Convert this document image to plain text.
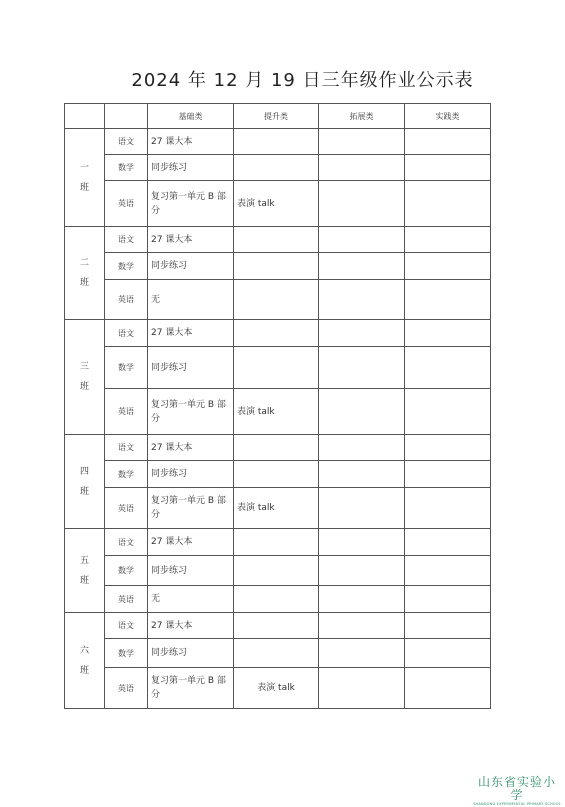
2024 年 12 月 19 日三年级作业公示表
		基础类	提升类	拓展类	实践类

一
班	语文	27 课大本			
	数学	同步练习			
	英语	复习第一单元 B 部分	表演 talk		

二
班	语文	27 课大本			
	数学	同步练习			
	英语	无			

三
班	语文	27 课大本			
	数学	同步练习			
	英语	复习第一单元 B 部分	表演 talk		

四
班	语文	27 课大本			
	数学	同步练习			
	英语	复习第一单元 B 部分	表演 talk		

五
班	语文	27 课大本			
	数学	同步练习			
	英语	无			

六
班	语文	27 课大本			
	数学	同步练习			
	英语	复习第一单元 B 部分	表演 talk		
山东省实验小学
SHANDONG EXPERIMENTAL PRIMARY SCHOOL
